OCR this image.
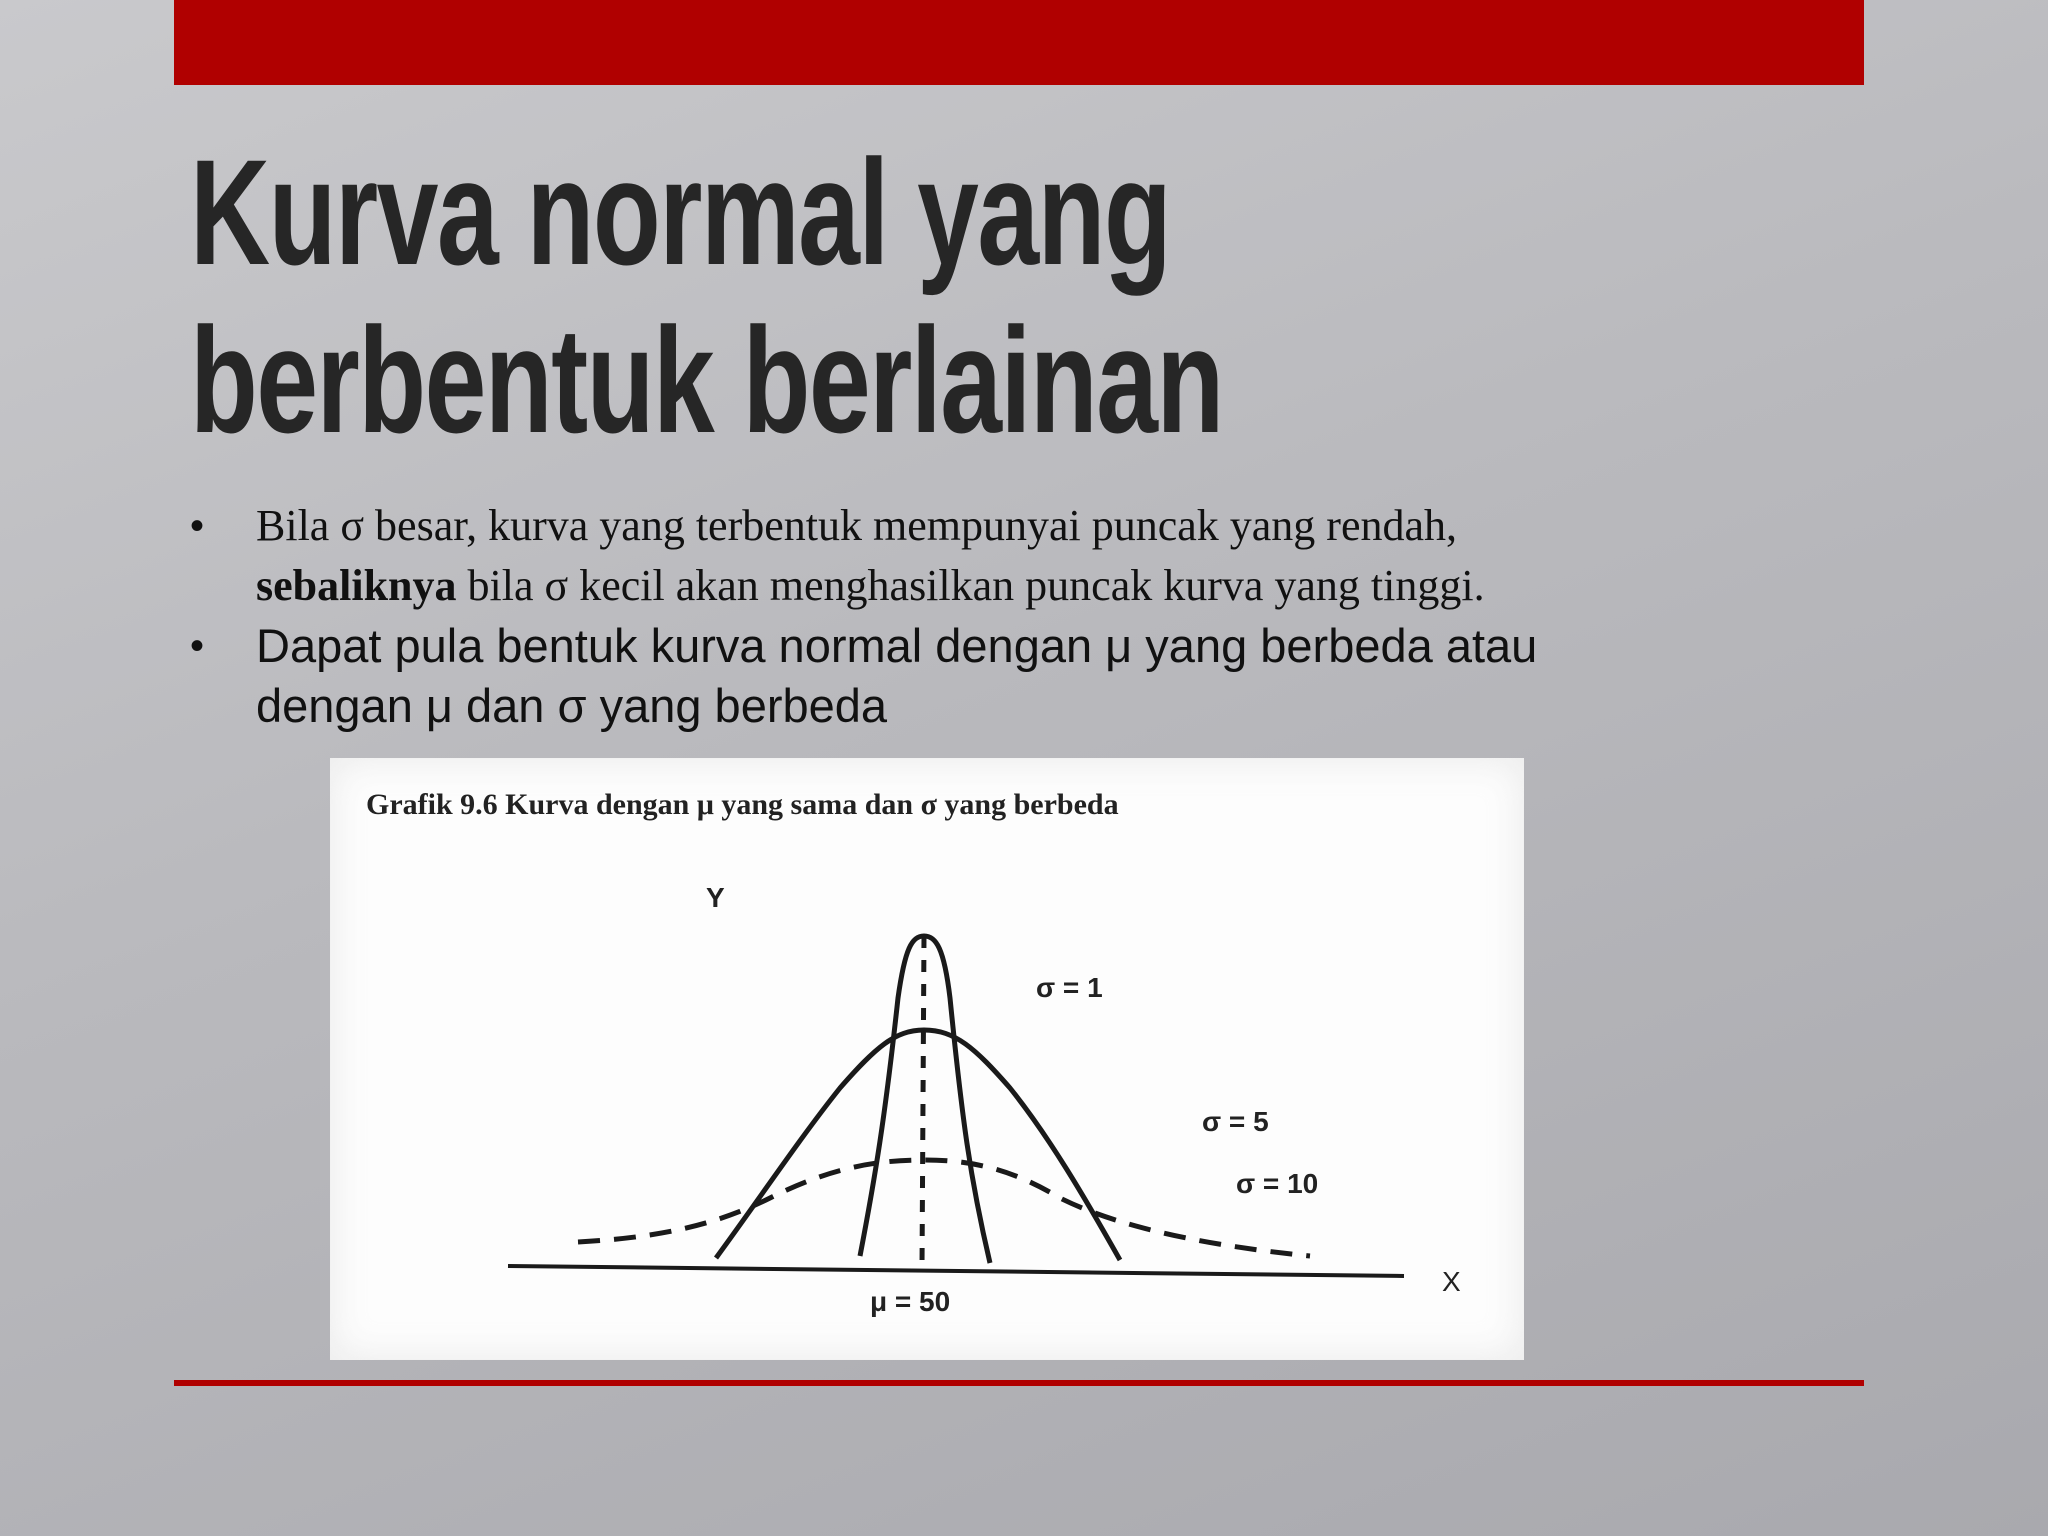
Kurva normal yang
berbentuk berlainan
• Bila σ besar, kurva yang terbentuk mempunyai puncak yang rendah,
sebaliknya bila σ kecil akan menghasilkan puncak kurva yang tinggi.
• Dapat pula bentuk kurva normal dengan μ yang berbeda atau
dengan μ dan σ yang berbeda
Grafik 9.6 Kurva dengan μ yang sama dan σ yang berbeda
Y
X
μ = 50
σ = 1
σ = 5
σ = 10
